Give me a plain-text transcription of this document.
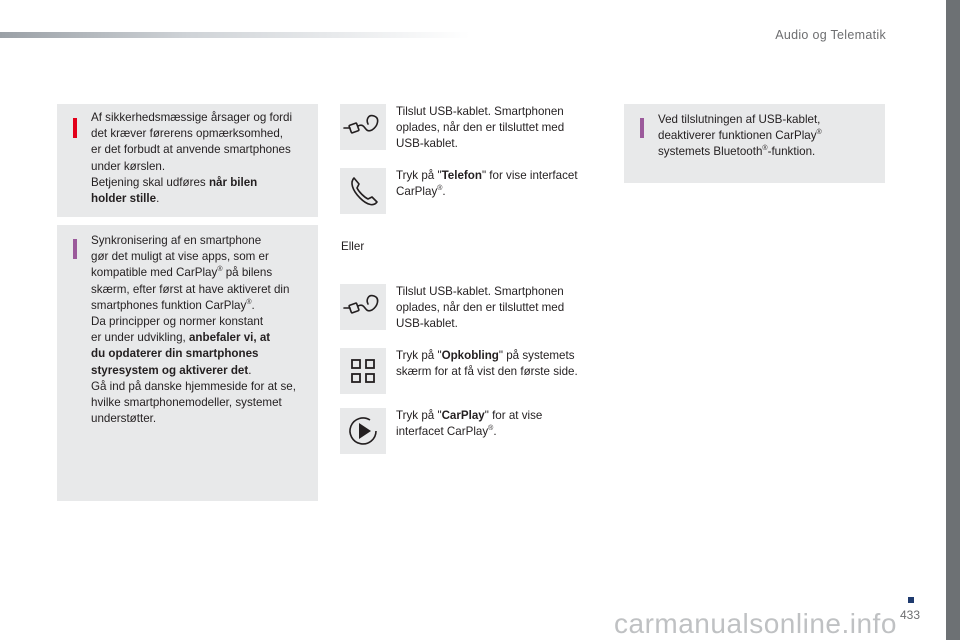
Audio og Telematik

Af sikkerhedsmæssige årsager og fordi

det kræver førerens opmærksomhed,

er det forbudt at anvende smartphones

under kørslen.

Betjening skal udføres når bilen

holder stille.

Synkronisering af en smartphone

gør det muligt at vise apps, som er

kompatible med CarPlay® på bilens

skærm, efter først at have aktiveret din

smartphones funktion CarPlay®.

Da principper og normer konstant

er under udvikling, anbefaler vi, at

du opdaterer din smartphones

styresystem og aktiverer det.

Gå ind på danske hjemmeside for at se,

hvilke smartphonemodeller, systemet

understøtter.

Tilslut USB-kablet. Smartphonen

oplades, når den er tilsluttet med

USB-kablet.

Tryk på "Telefon" for vise interfacet

CarPlay®.

Eller

Tilslut USB-kablet. Smartphonen

oplades, når den er tilsluttet med

USB-kablet.

Tryk på "Opkobling" på systemets

skærm for at få vist den første side.

Tryk på "CarPlay" for at vise

interfacet CarPlay®.

Ved tilslutningen af USB-kablet,

deaktiverer funktionen CarPlay®

systemets Bluetooth®-funktion.

carmanualsonline.info 433
